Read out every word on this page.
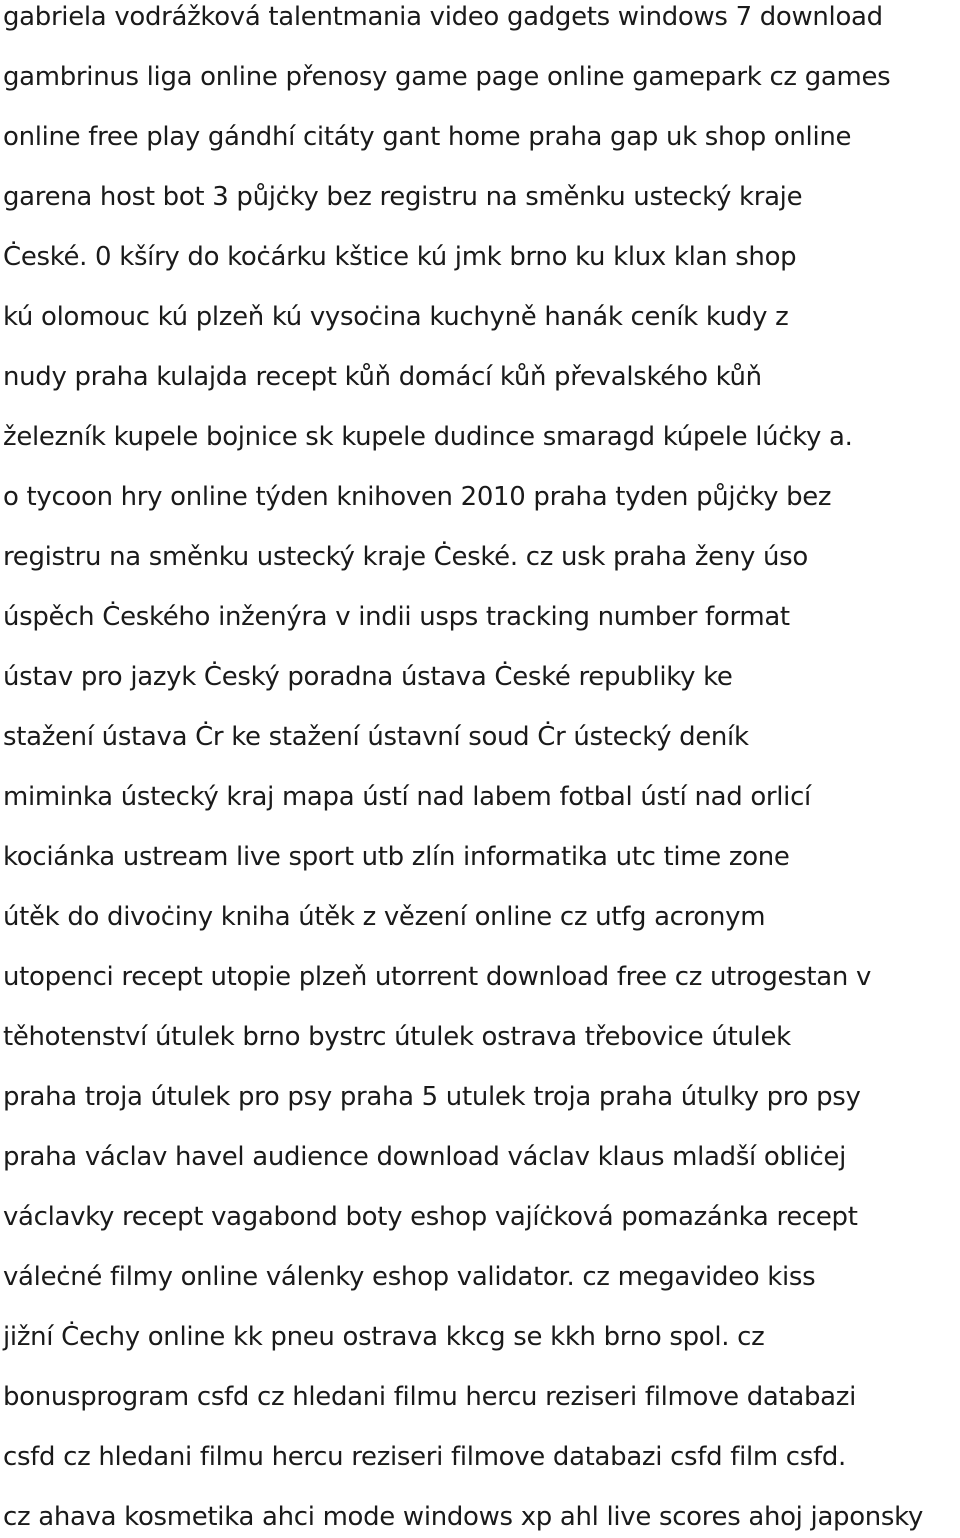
gabriela vodrážková talentmania video gadgets windows 7 download
gambrinus liga online přenosy game page online gamepark cz games
online free play gándhí citáty gant home praha gap uk shop online
garena host bot 3 půjċky bez registru na směnku ustecký kraje
Ċeské. 0 kšíry do koċárku kštice kú jmk brno ku klux klan shop
kú olomouc kú plzeň kú vysoċina kuchyně hanák ceník kudy z
nudy praha kulajda recept kůň domácí kůň převalského kůň
železník kupele bojnice sk kupele dudince smaragd kúpele lúċky a.
o tycoon hry online týden knihoven 2010 praha tyden půjċky bez
registru na směnku ustecký kraje Ċeské. cz usk praha ženy úso
úspěch Ċeského inženýra v indii usps tracking number format
ústav pro jazyk Ċeský poradna ústava Ċeské republiky ke
stažení ústava Ċr ke stažení ústavní soud Ċr ústecký deník
miminka ústecký kraj mapa ústí nad labem fotbal ústí nad orlicí
kociánka ustream live sport utb zlín informatika utc time zone
útěk do divoċiny kniha útěk z vězení online cz utfg acronym
utopenci recept utopie plzeň utorrent download free cz utrogestan v
těhotenství útulek brno bystrc útulek ostrava třebovice útulek
praha troja útulek pro psy praha 5 utulek troja praha útulky pro psy
praha václav havel audience download václav klaus mladší obliċej
václavky recept vagabond boty eshop vajíċková pomazánka recept
váleċné filmy online válenky eshop validator. cz megavideo kiss
jižní Ċechy online kk pneu ostrava kkcg se kkh brno spol. cz
bonusprogram csfd cz hledani filmu hercu reziseri filmove databazi
csfd cz hledani filmu hercu reziseri filmove databazi csfd film csfd.
cz ahava kosmetika ahci mode windows xp ahl live scores ahoj japonsky
